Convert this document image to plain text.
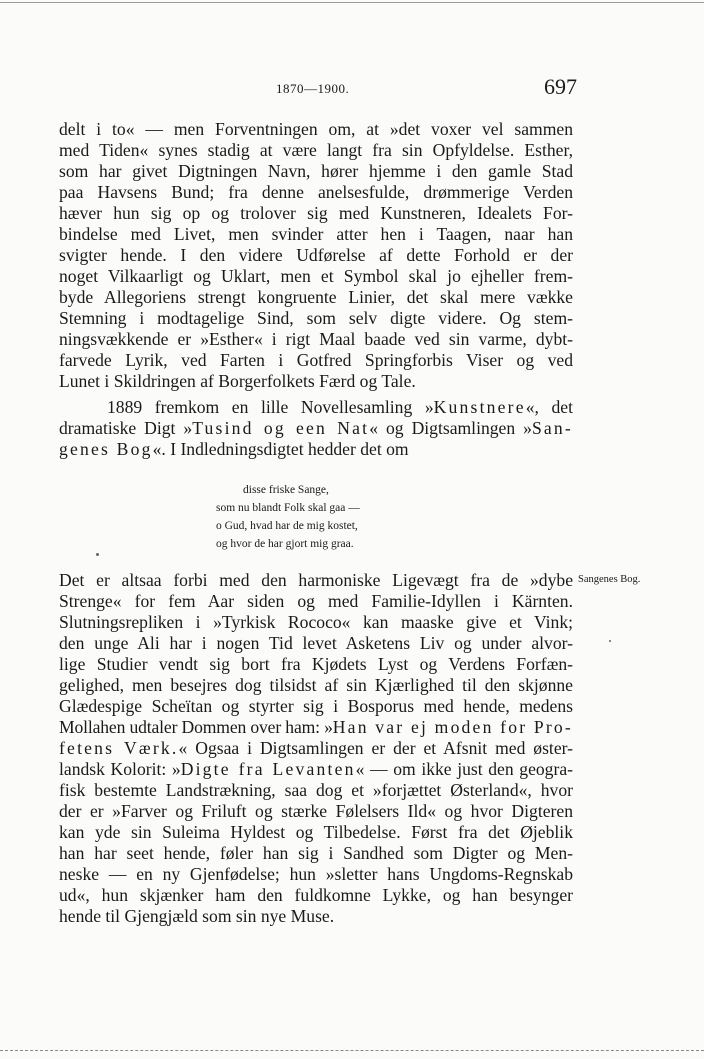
1870—1900.	697
delt i to« — men Forventningen om, at »det voxer vel sammen
med Tiden« synes stadig at være langt fra sin Opfyldelse. Esther,
som har givet Digtningen Navn, hører hjemme i den gamle Stad
paa Havsens Bund; fra denne anelsesfulde, drømmerige Verden
hæver hun sig op og trolover sig med Kunstneren, Idealets For-
bindelse med Livet, men svinder atter hen i Taagen, naar han
svigter hende. I den videre Udførelse af dette Forhold er der
noget Vilkaarligt og Uklart, men et Symbol skal jo ejheller frem-
byde Allegoriens strengt kongruente Linier, det skal mere vække
Stemning i modtagelige Sind, som selv digte videre. Og stem-
ningsvækkende er »Esther« i rigt Maal baade ved sin varme, dybt-
farvede Lyrik, ved Farten i Gotfred Springforbis Viser og ved
Lunet i Skildringen af Borgerfolkets Færd og Tale.
1889 fremkom en lille Novellesamling »Kunstnere«, det
dramatiske Digt »Tusind og een Nat« og Digtsamlingen »San-
genes Bog«. I Indledningsdigtet hedder det om
disse friske Sange,
som nu blandt Folk skal gaa —
o Gud, hvad har de mig kostet,
og hvor de har gjort mig graa.
Sangenes Bog.
Det er altsaa forbi med den harmoniske Ligevægt fra de »dybe
Strenge« for fem Aar siden og med Familie-Idyllen i Kärnten.
Slutningsrepliken i »Tyrkisk Rococo« kan maaske give et Vink;
den unge Ali har i nogen Tid levet Asketens Liv og under alvor-
lige Studier vendt sig bort fra Kjødets Lyst og Verdens Forfæn-
gelighed, men besejres dog tilsidst af sin Kjærlighed til den skjønne
Glædespige Scheïtan og styrter sig i Bosporus med hende, medens
Mollahen udtaler Dommen over ham: »Han var ej moden for Pro-
fetens Værk.« Ogsaa i Digtsamlingen er der et Afsnit med øster-
landsk Kolorit: »Digte fra Levanten« — om ikke just den geogra-
fisk bestemte Landstrækning, saa dog et »forjættet Østerland«, hvor
der er »Farver og Friluft og stærke Følelsers Ild« og hvor Digteren
kan yde sin Suleima Hyldest og Tilbedelse. Først fra det Øjeblik
han har seet hende, føler han sig i Sandhed som Digter og Men-
neske — en ny Gjenfødelse; hun »sletter hans Ungdoms-Regnskab
ud«, hun skjænker ham den fuldkomne Lykke, og han besynger
hende til Gjengjæld som sin nye Muse.
